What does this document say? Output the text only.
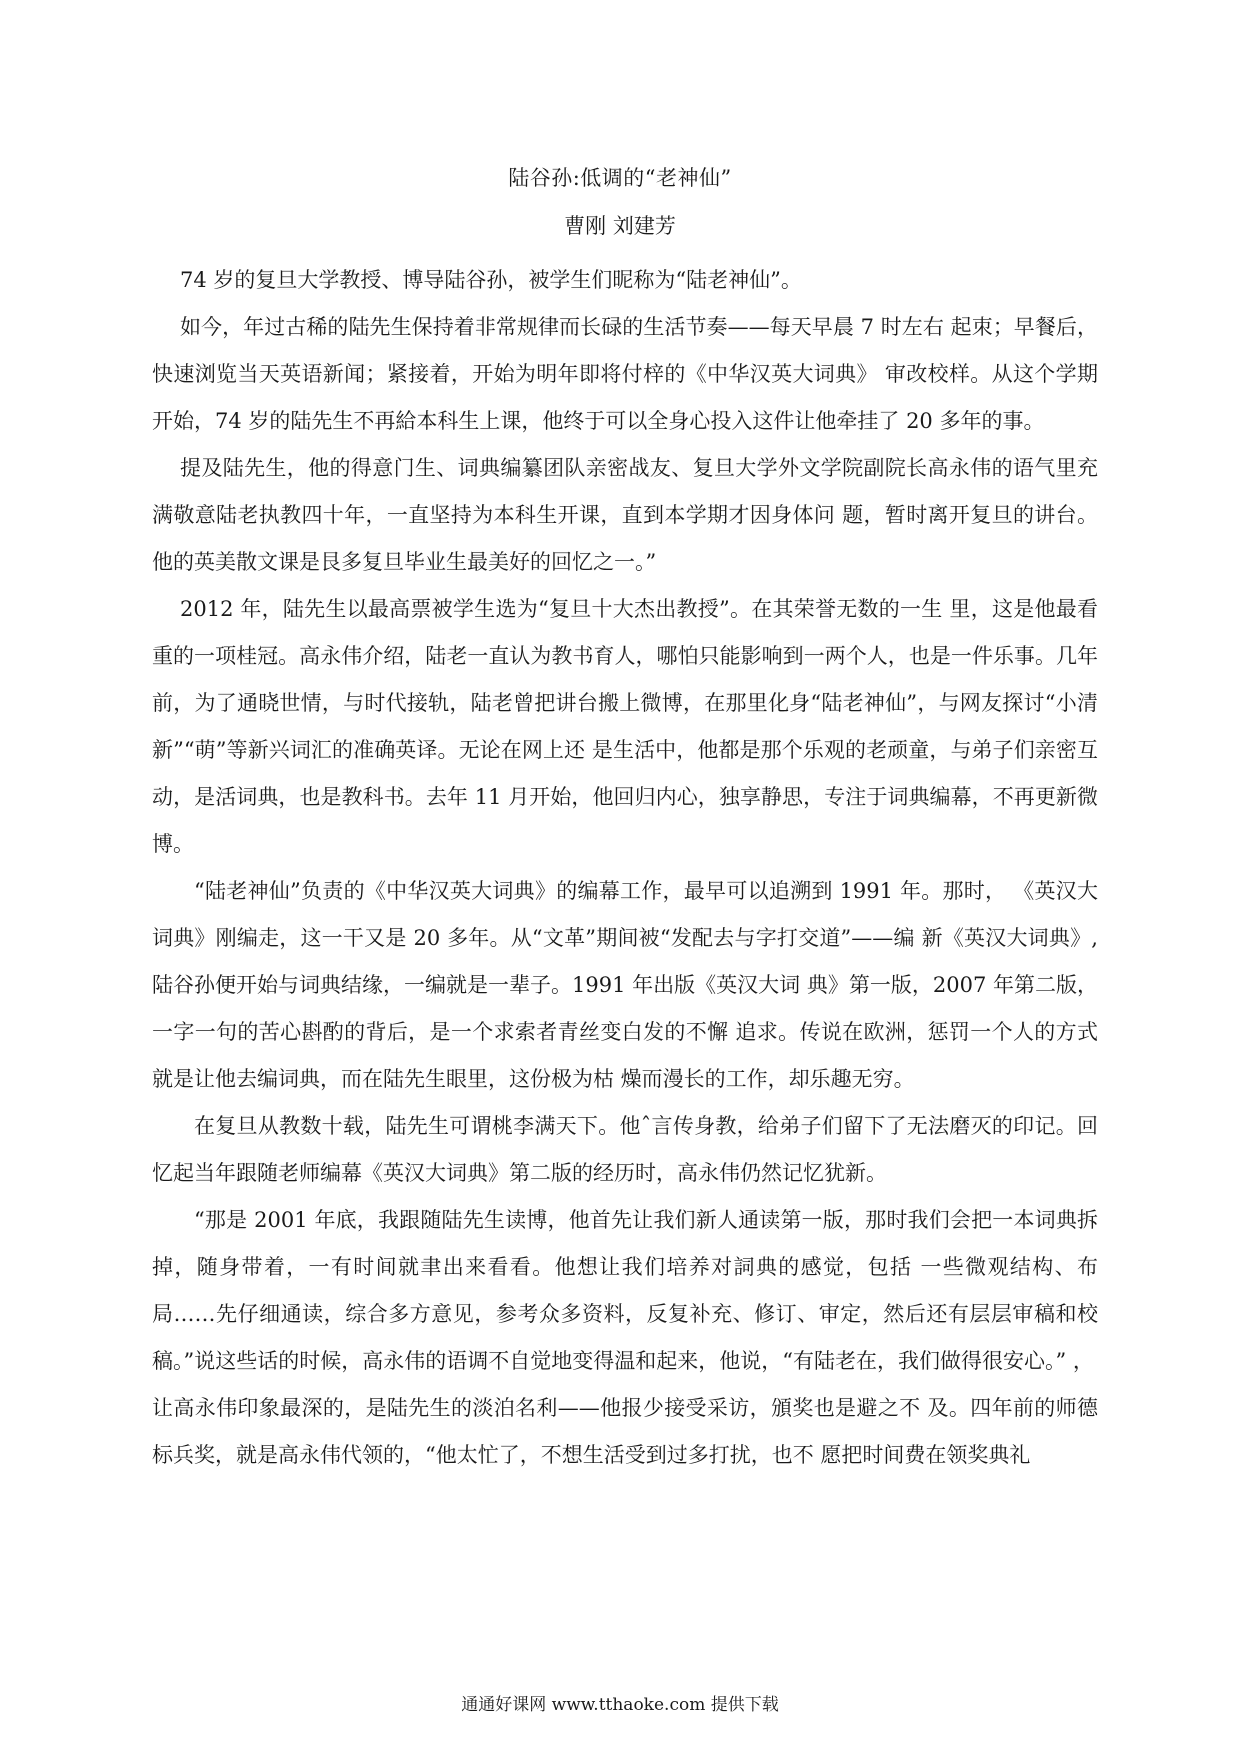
陆谷孙:低调的“老神仙”
曹刚 刘建芳

74 岁的复旦大学教授、博导陆谷孙，被学生们昵称为“陆老神仙”。

如今，年过古稀的陆先生保持着非常规律而长碌的生活节奏——每天早晨 7 时左右 起朿；早餐后，快速浏览当天英语新闻；紧接着，开始为明年即将付梓的《中华汉英大词典》 审改校样。从这个学期开始，74 岁的陆先生不再給本科生上课，他终于可以全身心投入这件让他牵挂了 20 多年的事。

提及陆先生，他的得意门生、词典编纂团队亲密战友、复旦大学外文学院副院长高永伟的语气里充满敬意陆老执教四十年，一直坚持为本科生开课，直到本学期才因身体问 题，暂时离开复旦的讲台。他的英美散文课是艮多复旦毕业生最美好的回忆之一。”

2012 年，陆先生以最高票被学生选为“复旦十大杰出教授”。在其荣誉无数的一生 里，这是他最看重的一项桂冠。高永伟介绍，陆老一直认为教书育人，哪怕只能影响到一两个人，也是一件乐事。几年前，为了通晓世情，与时代接轨，陆老曾把讲台搬上微博，在那里化身“陆老神仙”，与网友探讨“小清新”“萌”等新兴词汇的准确英译。无论在网上还 是生活中，他都是那个乐观的老顽童，与弟子们亲密互动，是活词典，也是教科书。去年 11 月开始，他回归内心，独享静思，专注于词典编幕，不再更新微博。

“陆老神仙”负责的《中华汉英大词典》的编幕工作，最早可以追溯到 1991 年。那时， 《英汉大词典》刚编走，这一干又是 20 多年。从“文革”期间被“发配去与字打交道”——编 新《英汉大词典》,陆谷孙便开始与词典结缘，一编就是一辈子。1991 年出版《英汉大词 典》第一版，2007 年第二版，一字一句的苦心斟酌的背后，是一个求索者青丝变白发的不懈 追求。传说在欧洲，惩罚一个人的方式就是让他去编词典，而在陆先生眼里，这份极为枯 燥而漫长的工作，却乐趣无穷。

在复旦从教数十载，陆先生可谓桃李满天下。他ˆ言传身教，给弟子们留下了无法磨灭的印记。回忆起当年跟随老师编幕《英汉大词典》第二版的经历时，高永伟仍然记忆犹新。

“那是 2001 年底，我跟随陆先生读博，他首先让我们新人通读第一版，那时我们会把一本词典拆掉，随身带着，一有时间就聿出来看看。他想让我们培养对詞典的感觉，包括 一些微观结构、布局……先仔细通读，综合多方意见，参考众多资料，反复补充、修订、审定，然后还有层层审稿和校稿。”说这些话的时候，高永伟的语调不自觉地变得温和起来，他说，“有陆老在，我们做得很安心。” ，

让高永伟印象最深的，是陆先生的淡泊名利——他报少接受采访，頒奖也是避之不 及。四年前的师德标兵奖，就是高永伟代领的，“他太忙了，不想生活受到过多打扰，也不 愿把时间费在领奖典礼

通通好课网 www.tthaoke.com 提供下载
